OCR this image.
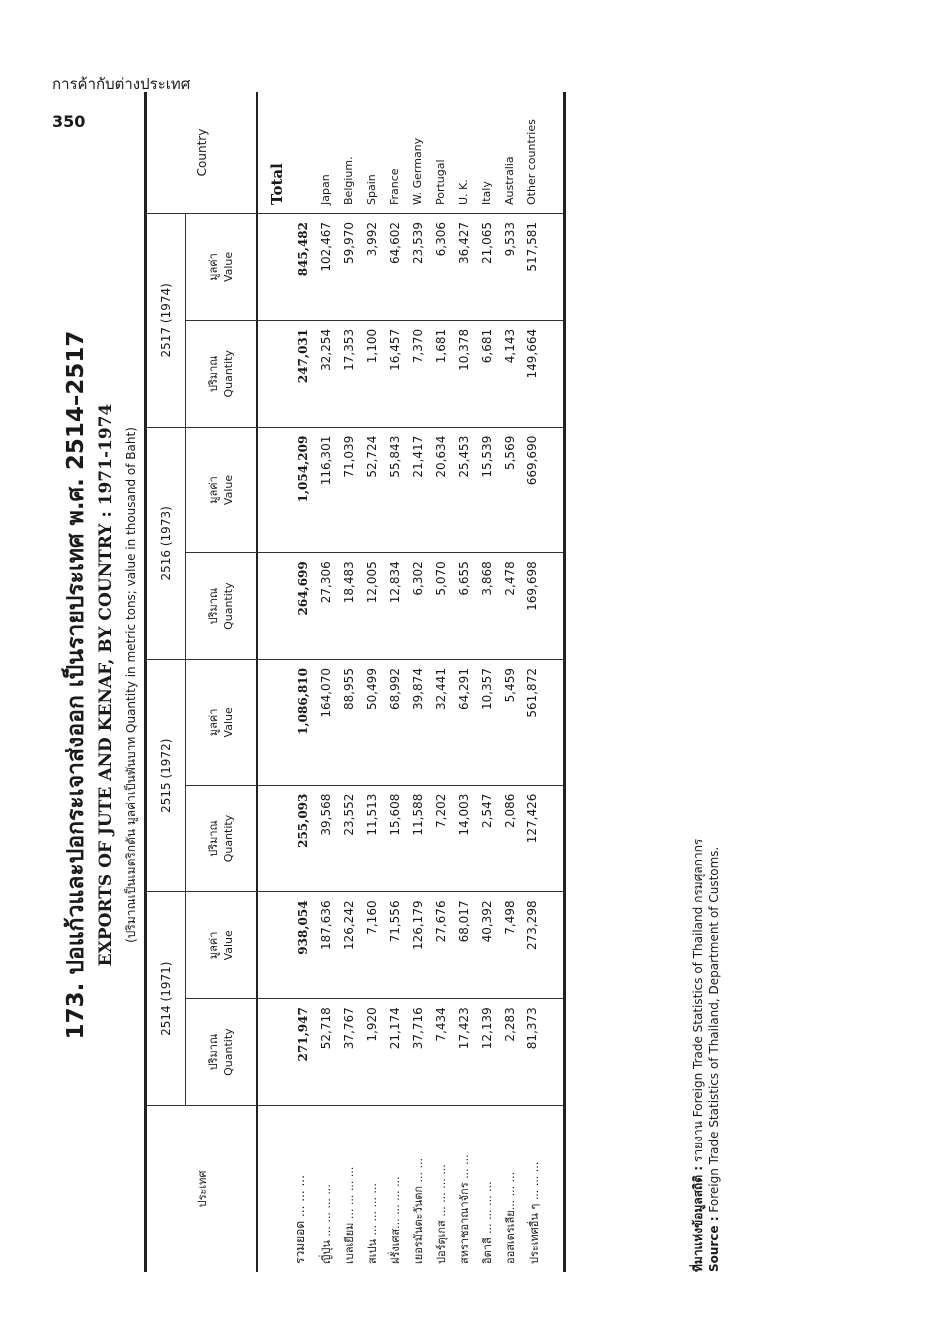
การค้ากับต่างประเทศ
350
173. ปอแก้วและปอกระเจาส่งออก เป็นรายประเทศ พ.ศ. 2514–2517 EXPORTS OF JUTE AND KENAF, BY COUNTRY : 1971-1974 (ปริมาณเป็นเมตริกตัน มูลค่าเป็นพันบาท Quantity in metric tons; value in thousand of Baht)
ประเทศ	2514 (1971)		2515 (1972)		2516 (1973)		2517 (1974)		Country
	ปริมาณ Quantity	มูลค่า Value	ปริมาณ Quantity	มูลค่า Value	ปริมาณ Quantity	มูลค่า Value	ปริมาณ Quantity	มูลค่า Value	
รวมยอด ... ... ...	271,947	938,054	255,093	1,086,810	264,699	1,054,209	247,031	845,482	Total
ญี่ปุ่น ... ... ... ...	52,718	187,636	39,568	164,070	27,306	116,301	32,254	102,467	Japan
เบลเยียม ... ... ... ...	37,767	126,242	23,552	88,955	18,483	71,039	17,353	59,970	Belgium.
สเปน ... ... ... ...	1,920	7,160	11,513	50,499	12,005	52,724	1,100	3,992	Spain
ฝรั่งเศส... ... ... ...	21,174	71,556	15,608	68,992	12,834	55,843	16,457	64,602	France
เยอรมันตะวันตก ... ...	37,716	126,179	11,588	39,874	6,302	21,417	7,370	23,539	W. Germany
ปอร์ตุเกส ... ... ... ...	7,434	27,676	7,202	32,441	5,070	20,634	1,681	6,306	Portugal
สหราชอาณาจักร ... ...	17,423	68,017	14,003	64,291	6,655	25,453	10,378	36,427	U. K.
อิตาลี ... ... ... ...	12,139	40,392	2,547	10,357	3,868	15,539	6,681	21,065	Italy
ออสเตรเลีย... ... ...	2,283	7,498	2,086	5,459	2,478	5,569	4,143	9,533	Australia
ประเทศอื่น ๆ ... ... ...	81,373	273,298	127,426	561,872	169,698	669,690	149,664	517,581	Other countries
ที่มาแห่งข้อมูลสถิติ : รายงาน Foreign Trade Statistics of Thailand กรมศุลกากร
Source : Foreign Trade Statistics of Thailand, Department of Customs.
